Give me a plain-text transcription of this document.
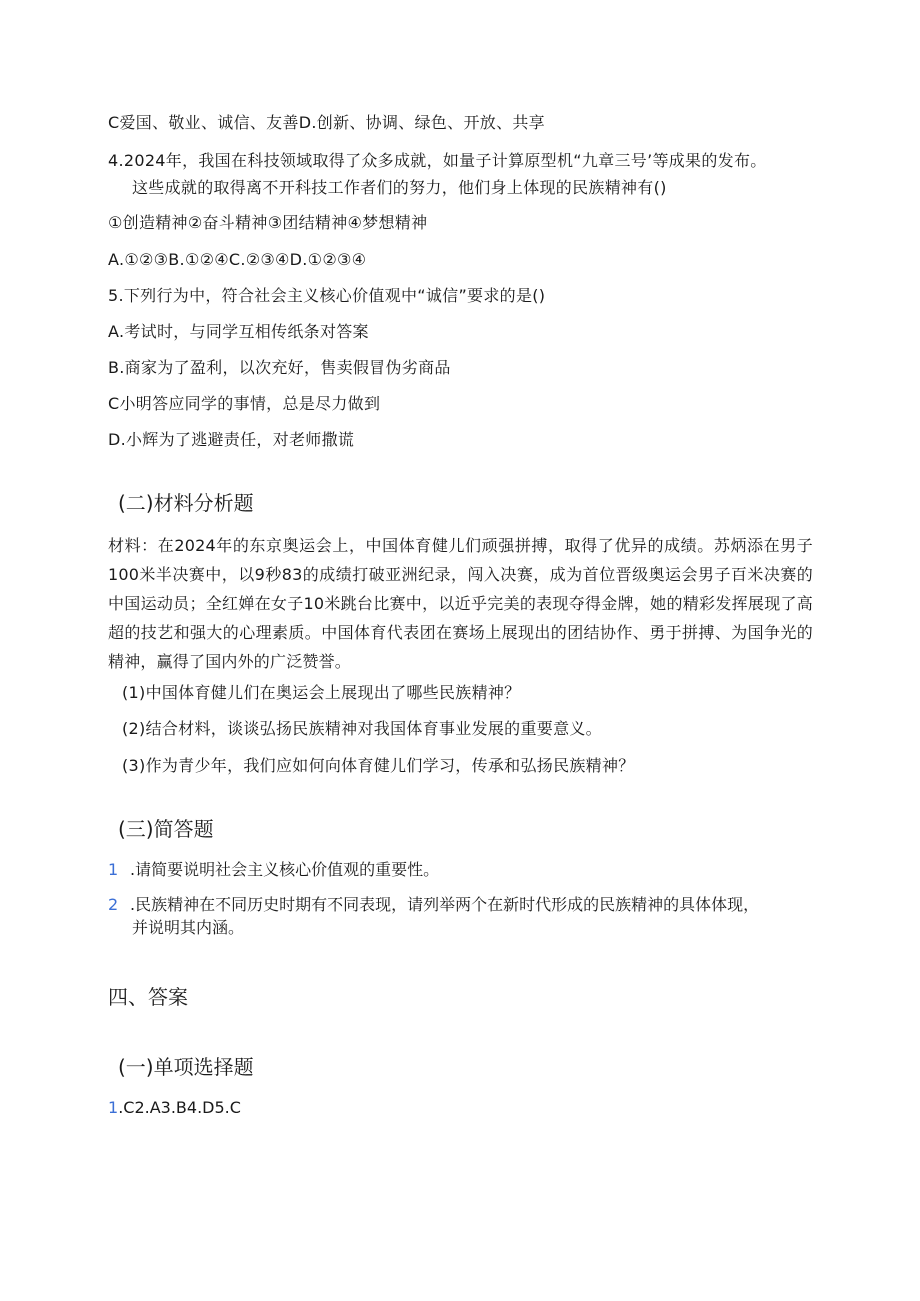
C爱国、敬业、诚信、友善D.创新、协调、绿色、开放、共享
4.2024年，我国在科技领域取得了众多成就，如量子计算原型机“九章三号’等成果的发布。
这些成就的取得离不开科技工作者们的努力，他们身上体现的民族精神有()
①创造精神②奋斗精神③团结精神④梦想精神
A.①②③B.①②④C.②③④D.①②③④
5.下列行为中，符合社会主义核心价值观中“诚信”要求的是()
A.考试时，与同学互相传纸条对答案
B.商家为了盈利，以次充好，售卖假冒伪劣商品
C小明答应同学的事情，总是尽力做到
D.小辉为了逃避责任，对老师撒谎
(二)材料分析题
材料：在2024年的东京奥运会上，中国体育健儿们顽强拼搏，取得了优异的成绩。苏炳添在男子100米半决赛中，以9秒83的成绩打破亚洲纪录，闯入决赛，成为首位晋级奥运会男子百米决赛的中国运动员；全红婵在女子10米跳台比赛中，以近乎完美的表现夺得金牌，她的精彩发挥展现了高超的技艺和强大的心理素质。中国体育代表团在赛场上展现出的团结协作、勇于拼搏、为国争光的精神，赢得了国内外的广泛赞誉。
(1)中国体育健儿们在奥运会上展现出了哪些民族精神？
(2)结合材料，谈谈弘扬民族精神对我国体育事业发展的重要意义。
(3)作为青少年，我们应如何向体育健儿们学习，传承和弘扬民族精神？
(三)简答题
1 .请简要说明社会主义核心价值观的重要性。
2 .民族精神在不同历史时期有不同表现，请列举两个在新时代形成的民族精神的具体体现，
并说明其内涵。
四、答案
(一)单项选择题
1.C2.A3.B4.D5.C
